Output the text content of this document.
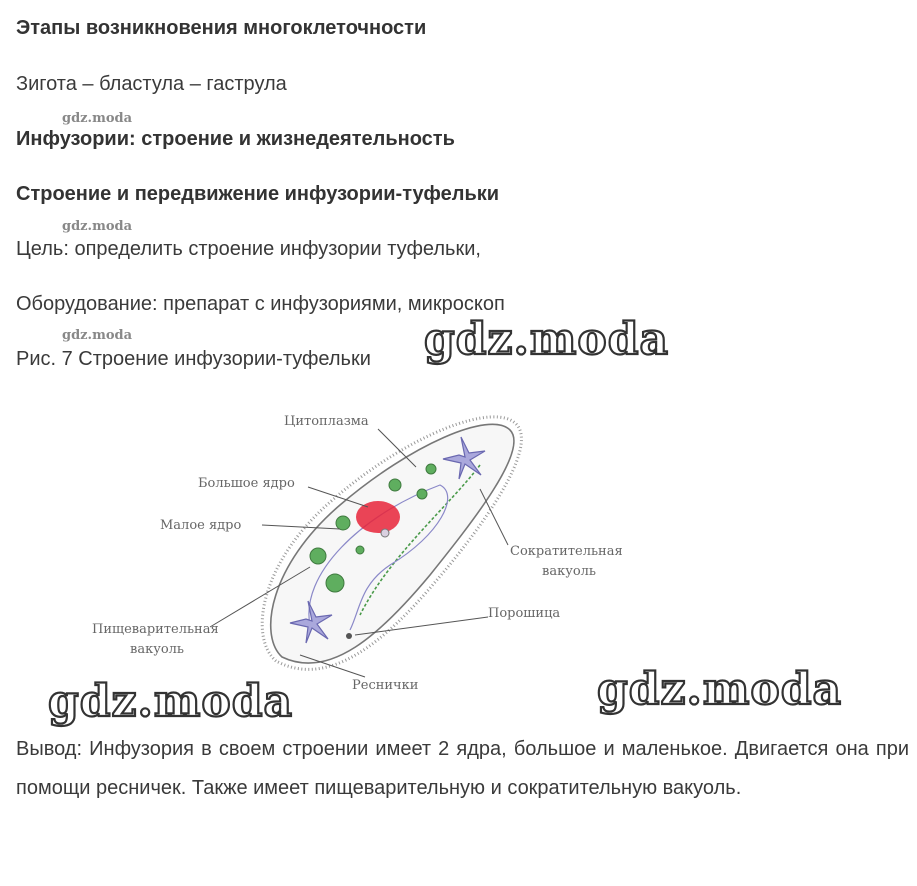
Этапы возникновения многоклеточности

Зигота – бластула – гаструла

gdz.moda

Инфузории: строение и жизнедеятельность

Строение и передвижение инфузории-туфельки

gdz.moda

Цель: определить строение инфузории туфельки,

Оборудование: препарат с инфузориями, микроскоп

gdz.moda

Рис. 7 Строение инфузории-туфельки gdz.moda
Цитоплазма
Большое ядро
Малое ядро
Сократительная
вакуоль
Пищеварительная
вакуоль
Порошица
Реснички
gdz.moda	gdz.moda

Вывод: Инфузория в своем строении имеет 2 ядра, большое и маленькое. Двигается она при помощи ресничек. Также имеет пищеварительную и сократительную вакуоль.
